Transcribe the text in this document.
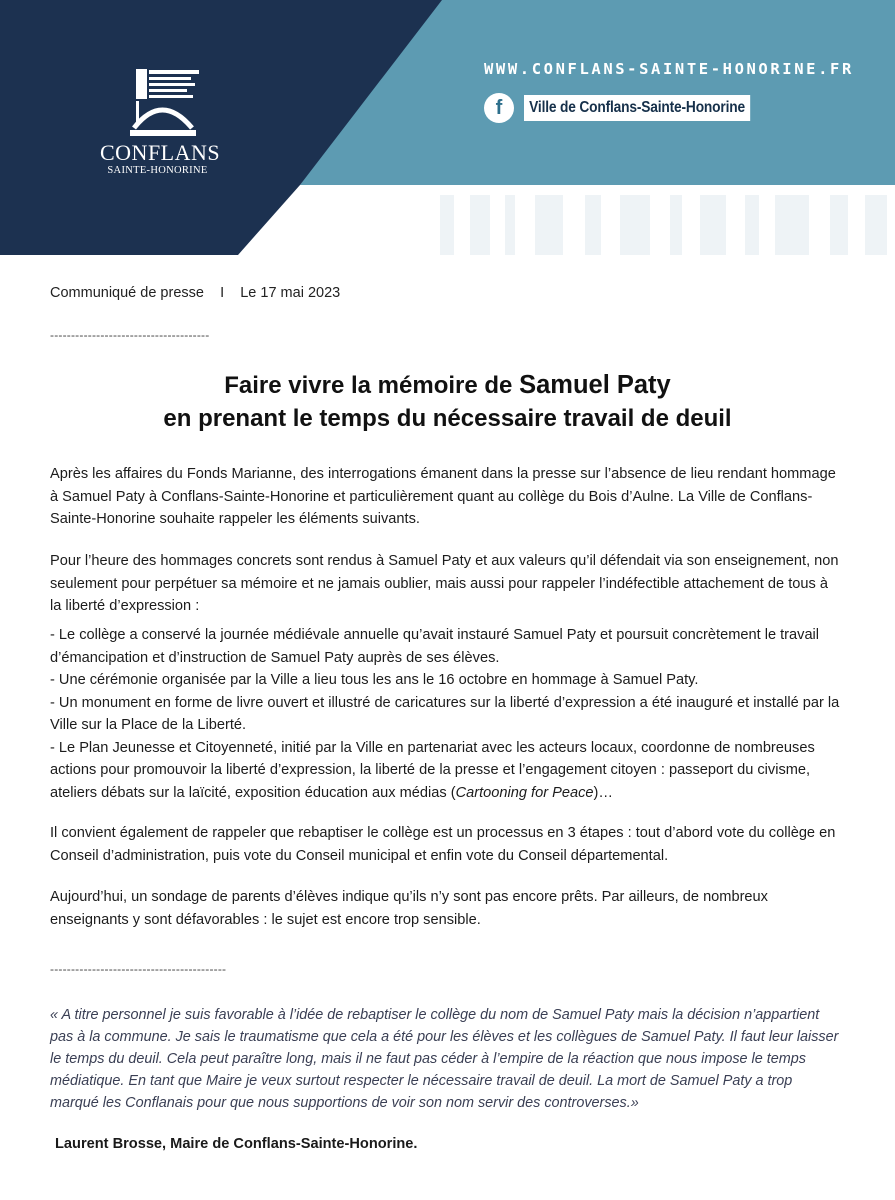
CONFLANS
SAINTE-HONORINE
WWW.CONFLANS-SAINTE-HONORINE.FR
f	Ville de Conflans-Sainte-Honorine
Communiqué de presse I Le 17 mai 2023
--------------------------------------
Faire vivre la mémoire de Samuel Paty
en prenant le temps du nécessaire travail de deuil

Après les affaires du Fonds Marianne, des interrogations émanent dans la presse sur l’absence de lieu rendant hommage à Samuel Paty à Conflans-Sainte-Honorine et particulièrement quant au collège du Bois d’Aulne. La Ville de Conflans-Sainte-Honorine souhaite rappeler les éléments suivants.

Pour l’heure des hommages concrets sont rendus à Samuel Paty et aux valeurs qu’il défendait via son enseignement, non seulement pour perpétuer sa mémoire et ne jamais oublier, mais aussi pour rappeler l’indéfectible attachement de tous à la liberté d’expression :

- Le collège a conservé la journée médiévale annuelle qu’avait instauré Samuel Paty et poursuit concrètement le travail d’émancipation et d’instruction de Samuel Paty auprès de ses élèves.

- Une cérémonie organisée par la Ville a lieu tous les ans le 16 octobre en hommage à Samuel Paty.

- Un monument en forme de livre ouvert et illustré de caricatures sur la liberté d’expression a été inauguré et installé par la Ville sur la Place de la Liberté.

- Le Plan Jeunesse et Citoyenneté, initié par la Ville en partenariat avec les acteurs locaux, coordonne de nombreuses actions pour promouvoir la liberté d’expression, la liberté de la presse et l’engagement citoyen : passeport du civisme, ateliers débats sur la laïcité, exposition éducation aux médias (Cartooning for Peace)…

Il convient également de rappeler que rebaptiser le collège est un processus en 3 étapes : tout d’abord vote du collège en Conseil d’administration, puis vote du Conseil municipal et enfin vote du Conseil départemental.

Aujourd’hui, un sondage de parents d’élèves indique qu’ils n’y sont pas encore prêts. Par ailleurs, de nombreux enseignants y sont défavorables : le sujet est encore trop sensible.

------------------------------------------
« A titre personnel je suis favorable à l’idée de rebaptiser le collège du nom de Samuel Paty mais la décision n’appartient pas à la commune. Je sais le traumatisme que cela a été pour les élèves et les collègues de Samuel Paty. Il faut leur laisser le temps du deuil. Cela peut paraître long, mais il ne faut pas céder à l’empire de la réaction que nous impose le temps médiatique. En tant que Maire je veux surtout respecter le nécessaire travail de deuil. La mort de Samuel Paty a trop marqué les Conflanais pour que nous supportions de voir son nom servir des controverses.»
Laurent Brosse, Maire de Conflans-Sainte-Honorine.
